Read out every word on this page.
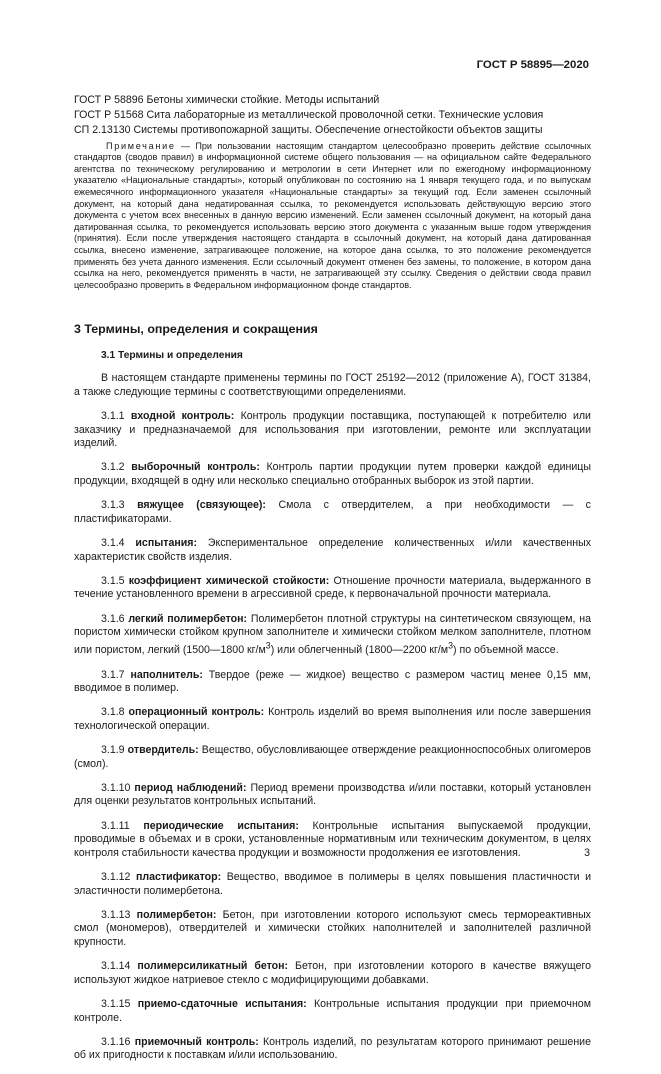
ГОСТ Р 58895—2020
ГОСТ Р 58896 Бетоны химически стойкие. Методы испытаний
ГОСТ Р 51568 Сита лабораторные из металлической проволочной сетки. Технические условия
СП 2.13130 Системы противопожарной защиты. Обеспечение огнестойкости объектов защиты

Примечание — При пользовании настоящим стандартом целесообразно проверить действие ссылочных стандартов (сводов правил) в информационной системе общего пользования — на официальном сайте Федерального агентства по техническому регулированию и метрологии в сети Интернет или по ежегодному информационному указателю «Национальные стандарты», который опубликован по состоянию на 1 января текущего года, и по выпускам ежемесячного информационного указателя «Национальные стандарты» за текущий год. Если заменен ссылочный документ, на который дана недатированная ссылка, то рекомендуется использовать действующую версию этого документа с учетом всех внесенных в данную версию изменений. Если заменен ссылочный документ, на который дана датированная ссылка, то рекомендуется использовать версию этого документа с указанным выше годом утверждения (принятия). Если после утверждения настоящего стандарта в ссылочный документ, на который дана датированная ссылка, внесено изменение, затрагивающее положение, на которое дана ссылка, то это положение рекомендуется применять без учета данного изменения. Если ссылочный документ отменен без замены, то положение, в котором дана ссылка на него, рекомендуется применять в части, не затрагивающей эту ссылку. Сведения о действии свода правил целесообразно проверить в Федеральном информационном фонде стандартов.

3 Термины, определения и сокращения
3.1 Термины и определения

В настоящем стандарте применены термины по ГОСТ 25192—2012 (приложение А), ГОСТ 31384, а также следующие термины с соответствующими определениями.

3.1.1 входной контроль: Контроль продукции поставщика, поступающей к потребителю или заказчику и предназначаемой для использования при изготовлении, ремонте или эксплуатации изделий.

3.1.2 выборочный контроль: Контроль партии продукции путем проверки каждой единицы продукции, входящей в одну или несколько специально отобранных выборок из этой партии.

3.1.3 вяжущее (связующее): Смола с отвердителем, а при необходимости — с пластификаторами.

3.1.4 испытания: Экспериментальное определение количественных и/или качественных характеристик свойств изделия.

3.1.5 коэффициент химической стойкости: Отношение прочности материала, выдержанного в течение установленного времени в агрессивной среде, к первоначальной прочности материала.

3.1.6 легкий полимербетон: Полимербетон плотной структуры на синтетическом связующем, на пористом химически стойком крупном заполнителе и химически стойком мелком заполнителе, плотном или пористом, легкий (1500—1800 $кг/м^3$) или облегченный (1800—2200 $кг/м^3$) по объемной массе.

3.1.7 наполнитель: Твердое (реже — жидкое) вещество с размером частиц менее 0,15 мм, вводимое в полимер.

3.1.8 операционный контроль: Контроль изделий во время выполнения или после завершения технологической операции.

3.1.9 отвердитель: Вещество, обусловливающее отверждение реакционноспособных олигомеров (смол).

3.1.10 период наблюдений: Период времени производства и/или поставки, который установлен для оценки результатов контрольных испытаний.

3.1.11 периодические испытания: Контрольные испытания выпускаемой продукции, проводимые в объемах и в сроки, установленные нормативным или техническим документом, в целях контроля стабильности качества продукции и возможности продолжения ее изготовления.

3.1.12 пластификатор: Вещество, вводимое в полимеры в целях повышения пластичности и эластичности полимербетона.

3.1.13 полимербетон: Бетон, при изготовлении которого используют смесь термореактивных смол (мономеров), отвердителей и химически стойких наполнителей и заполнителей различной крупности.

3.1.14 полимерсиликатный бетон: Бетон, при изготовлении которого в качестве вяжущего используют жидкое натриевое стекло с модифицирующими добавками.

3.1.15 приемо-сдаточные испытания: Контрольные испытания продукции при приемочном контроле.

3.1.16 приемочный контроль: Контроль изделий, по результатам которого принимают решение об их пригодности к поставкам и/или использованию.

3
